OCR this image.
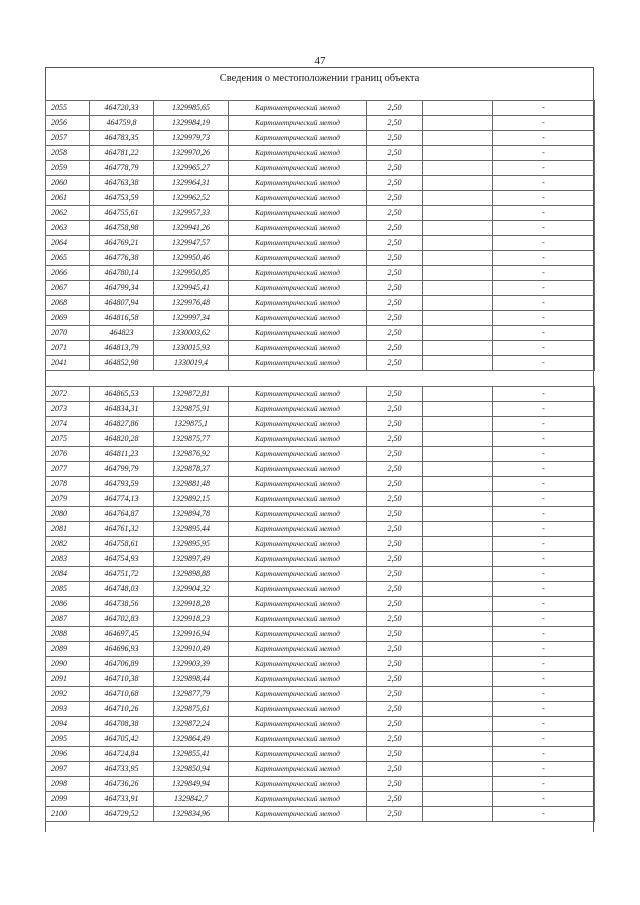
47
Сведения о местоположении границ объекта
2055	464720,33	1329985,65	Картометрический метод	2,50		-
2056	464759,8	1329984,19	Картометрический метод	2,50		-
2057	464783,35	1329979,73	Картометрический метод	2,50		-
2058	464781,22	1329970,26	Картометрический метод	2,50		-
2059	464778,79	1329965,27	Картометрический метод	2,50		-
2060	464763,38	1329964,31	Картометрический метод	2,50		-
2061	464753,59	1329962,52	Картометрический метод	2,50		-
2062	464755,61	1329957,33	Картометрический метод	2,50		-
2063	464758,98	1329941,26	Картометрический метод	2,50		-
2064	464769,21	1329947,57	Картометрический метод	2,50		-
2065	464776,38	1329950,46	Картометрический метод	2,50		-
2066	464780,14	1329950,85	Картометрический метод	2,50		-
2067	464799,34	1329945,41	Картометрический метод	2,50		-
2068	464807,94	1329976,48	Картометрический метод	2,50		-
2069	464816,58	1329997,34	Картометрический метод	2,50		-
2070	464823	1330003,62	Картометрический метод	2,50		-
2071	464813,79	1330015,93	Картометрический метод	2,50		-
2041	464852,98	1330019,4	Картометрический метод	2,50		-
2072	464865,53	1329872,81	Картометрический метод	2,50		-
2073	464834,31	1329875,91	Картометрический метод	2,50		-
2074	464827,86	1329875,1	Картометрический метод	2,50		-
2075	464820,28	1329875,77	Картометрический метод	2,50		-
2076	464811,23	1329876,92	Картометрический метод	2,50		-
2077	464799,79	1329878,37	Картометрический метод	2,50		-
2078	464793,59	1329881,48	Картометрический метод	2,50		-
2079	464774,13	1329892,15	Картометрический метод	2,50		-
2080	464764,87	1329894,78	Картометрический метод	2,50		-
2081	464761,32	1329895,44	Картометрический метод	2,50		-
2082	464758,61	1329895,95	Картометрический метод	2,50		-
2083	464754,93	1329897,49	Картометрический метод	2,50		-
2084	464751,72	1329898,88	Картометрический метод	2,50		-
2085	464748,03	1329904,32	Картометрический метод	2,50		-
2086	464738,56	1329918,28	Картометрический метод	2,50		-
2087	464702,83	1329918,23	Картометрический метод	2,50		-
2088	464697,45	1329916,94	Картометрический метод	2,50		-
2089	464696,93	1329910,49	Картометрический метод	2,50		-
2090	464706,89	1329903,39	Картометрический метод	2,50		-
2091	464710,38	1329898,44	Картометрический метод	2,50		-
2092	464710,68	1329877,79	Картометрический метод	2,50		-
2093	464710,26	1329875,61	Картометрический метод	2,50		-
2094	464708,38	1329872,24	Картометрический метод	2,50		-
2095	464705,42	1329864,49	Картометрический метод	2,50		-
2096	464724,84	1329855,41	Картометрический метод	2,50		-
2097	464733,95	1329850,94	Картометрический метод	2,50		-
2098	464736,26	1329849,94	Картометрический метод	2,50		-
2099	464733,91	1329842,7	Картометрический метод	2,50		-
2100	464729,52	1329834,96	Картометрический метод	2,50		-
